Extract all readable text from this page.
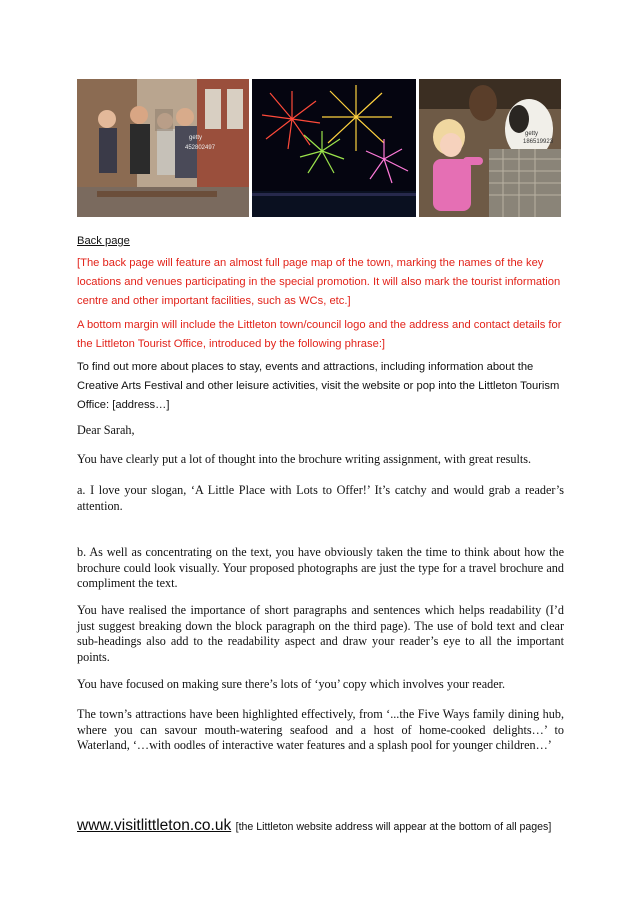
getty
452802497
getty
186519923
Back page
[The back page will feature an almost full page map of the town, marking the names of the key locations and venues participating in the special promotion. It will also mark the tourist information centre and other important facilities, such as WCs, etc.]
A bottom margin will include the Littleton town/council logo and the address and contact details for the Littleton Tourist Office, introduced by the following phrase:]
To find out more about places to stay, events and attractions, including information about the Creative Arts Festival and other leisure activities, visit the website or pop into the Littleton Tourism Office: [address…]
Dear Sarah,
You have clearly put a lot of thought into the brochure writing assignment, with great results.
a. I love your slogan, ‘A Little Place with Lots to Offer!’ It’s catchy and would grab a reader’s attention.
b. As well as concentrating on the text, you have obviously taken the time to think about how the brochure could look visually. Your proposed photographs are just the type for a travel brochure and compliment the text.
You have realised the importance of short paragraphs and sentences which helps readability (I’d just suggest breaking down the block paragraph on the third page). The use of bold text and clear sub-headings also add to the readability aspect and draw your reader’s eye to all the important points.
You have focused on making sure there’s lots of ‘you’ copy which involves your reader.
The town’s attractions have been highlighted effectively, from ‘...the Five Ways family dining hub, where you can savour mouth-watering seafood and a host of home-cooked delights…’ to Waterland, ‘…with oodles of interactive water features and a splash pool for younger children…’
www.visitlittleton.co.uk [the Littleton website address will appear at the bottom of all pages]
